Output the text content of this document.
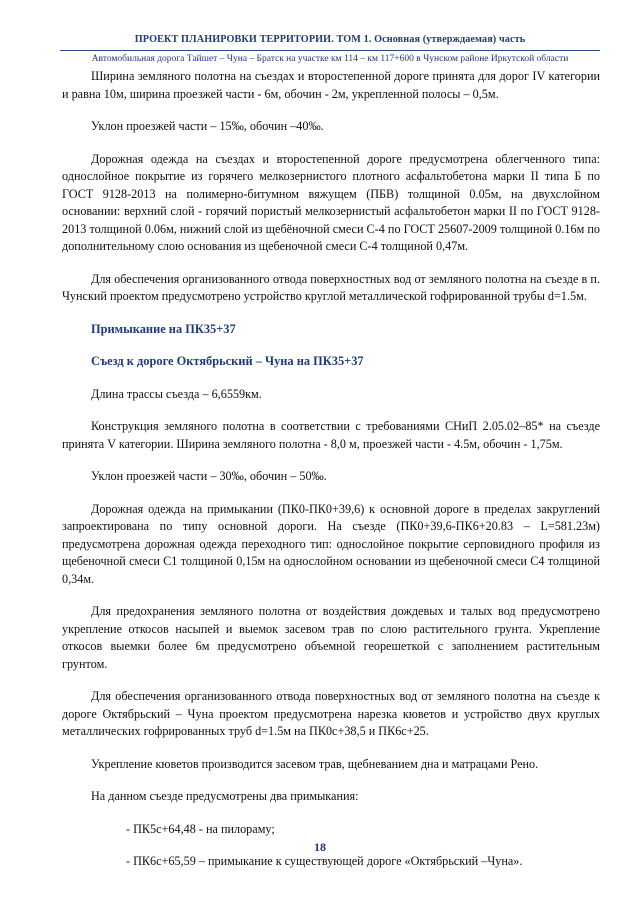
ПРОЕКТ ПЛАНИРОВКИ ТЕРРИТОРИИ. ТОМ 1. Основная (утверждаемая) часть
Автомобильная дорога Тайшет – Чуна – Братск на участке км 114 – км 117+600 в Чунском районе Иркутской области

Ширина земляного полотна на съездах и второстепенной дороге принята для дорог IV категории и равна 10м, ширина проезжей части - 6м, обочин - 2м, укрепленной полосы – 0,5м.

Уклон проезжей части – 15‰, обочин –40‰.

Дорожная одежда на съездах и второстепенной дороге предусмотрена облегченного типа: однослойное покрытие из горячего мелкозернистого плотного асфальтобетона марки II типа Б по ГОСТ 9128-2013 на полимерно-битумном вяжущем (ПБВ) толщиной 0.05м, на двухслойном основании: верхний слой - горячий пористый мелкозернистый асфальтобетон марки II по ГОСТ 9128-2013 толщиной 0.06м, нижний слой из щебёночной смеси С-4 по ГОСТ 25607-2009 толщиной 0.16м по дополнительному слою основания из щебеночной смеси С-4 толщиной 0,47м.

Для обеспечения организованного отвода поверхностных вод от земляного полотна на съезде в п. Чунский проектом предусмотрено устройство круглой металлической гофрированной трубы d=1.5м.

Примыкание на ПК35+37

Съезд к дороге Октябрьский – Чуна на ПК35+37

Длина трассы съезда – 6,6559км.

Конструкция земляного полотна в соответствии с требованиями СНиП 2.05.02–85* на съезде принята V категории. Ширина земляного полотна - 8,0 м, проезжей части - 4.5м, обочин - 1,75м.

Уклон проезжей части – 30‰, обочин – 50‰.

Дорожная одежда на примыкании (ПК0-ПК0+39,6) к основной дороге в пределах закруглений запроектирована по типу основной дороги. На съезде (ПК0+39,6-ПК6+20.83 – L=581.23м) предусмотрена дорожная одежда переходного тип: однослойное покрытие серповидного профиля из щебеночной смеси С1 толщиной 0,15м на однослойном основании из щебеночной смеси С4 толщиной 0,34м.

Для предохранения земляного полотна от воздействия дождевых и талых вод предусмотрено укрепление откосов насыпей и выемок засевом трав по слою растительного грунта. Укрепление откосов выемки более 6м предусмотрено объемной георешеткой с заполнением растительным грунтом.

Для обеспечения организованного отвода поверхностных вод от земляного полотна на съезде к дороге Октябрьский – Чуна проектом предусмотрена нарезка кюветов и устройство двух круглых металлических гофрированных труб d=1.5м на ПК0с+38,5 и ПК6с+25.

Укрепление кюветов производится засевом трав, щебневанием дна и матрацами Рено.

На данном съезде предусмотрены два примыкания:

- ПК5с+64,48 - на пилораму;

- ПК6с+65,59 – примыкание к существующей дороге «Октябрьский –Чуна».

18
